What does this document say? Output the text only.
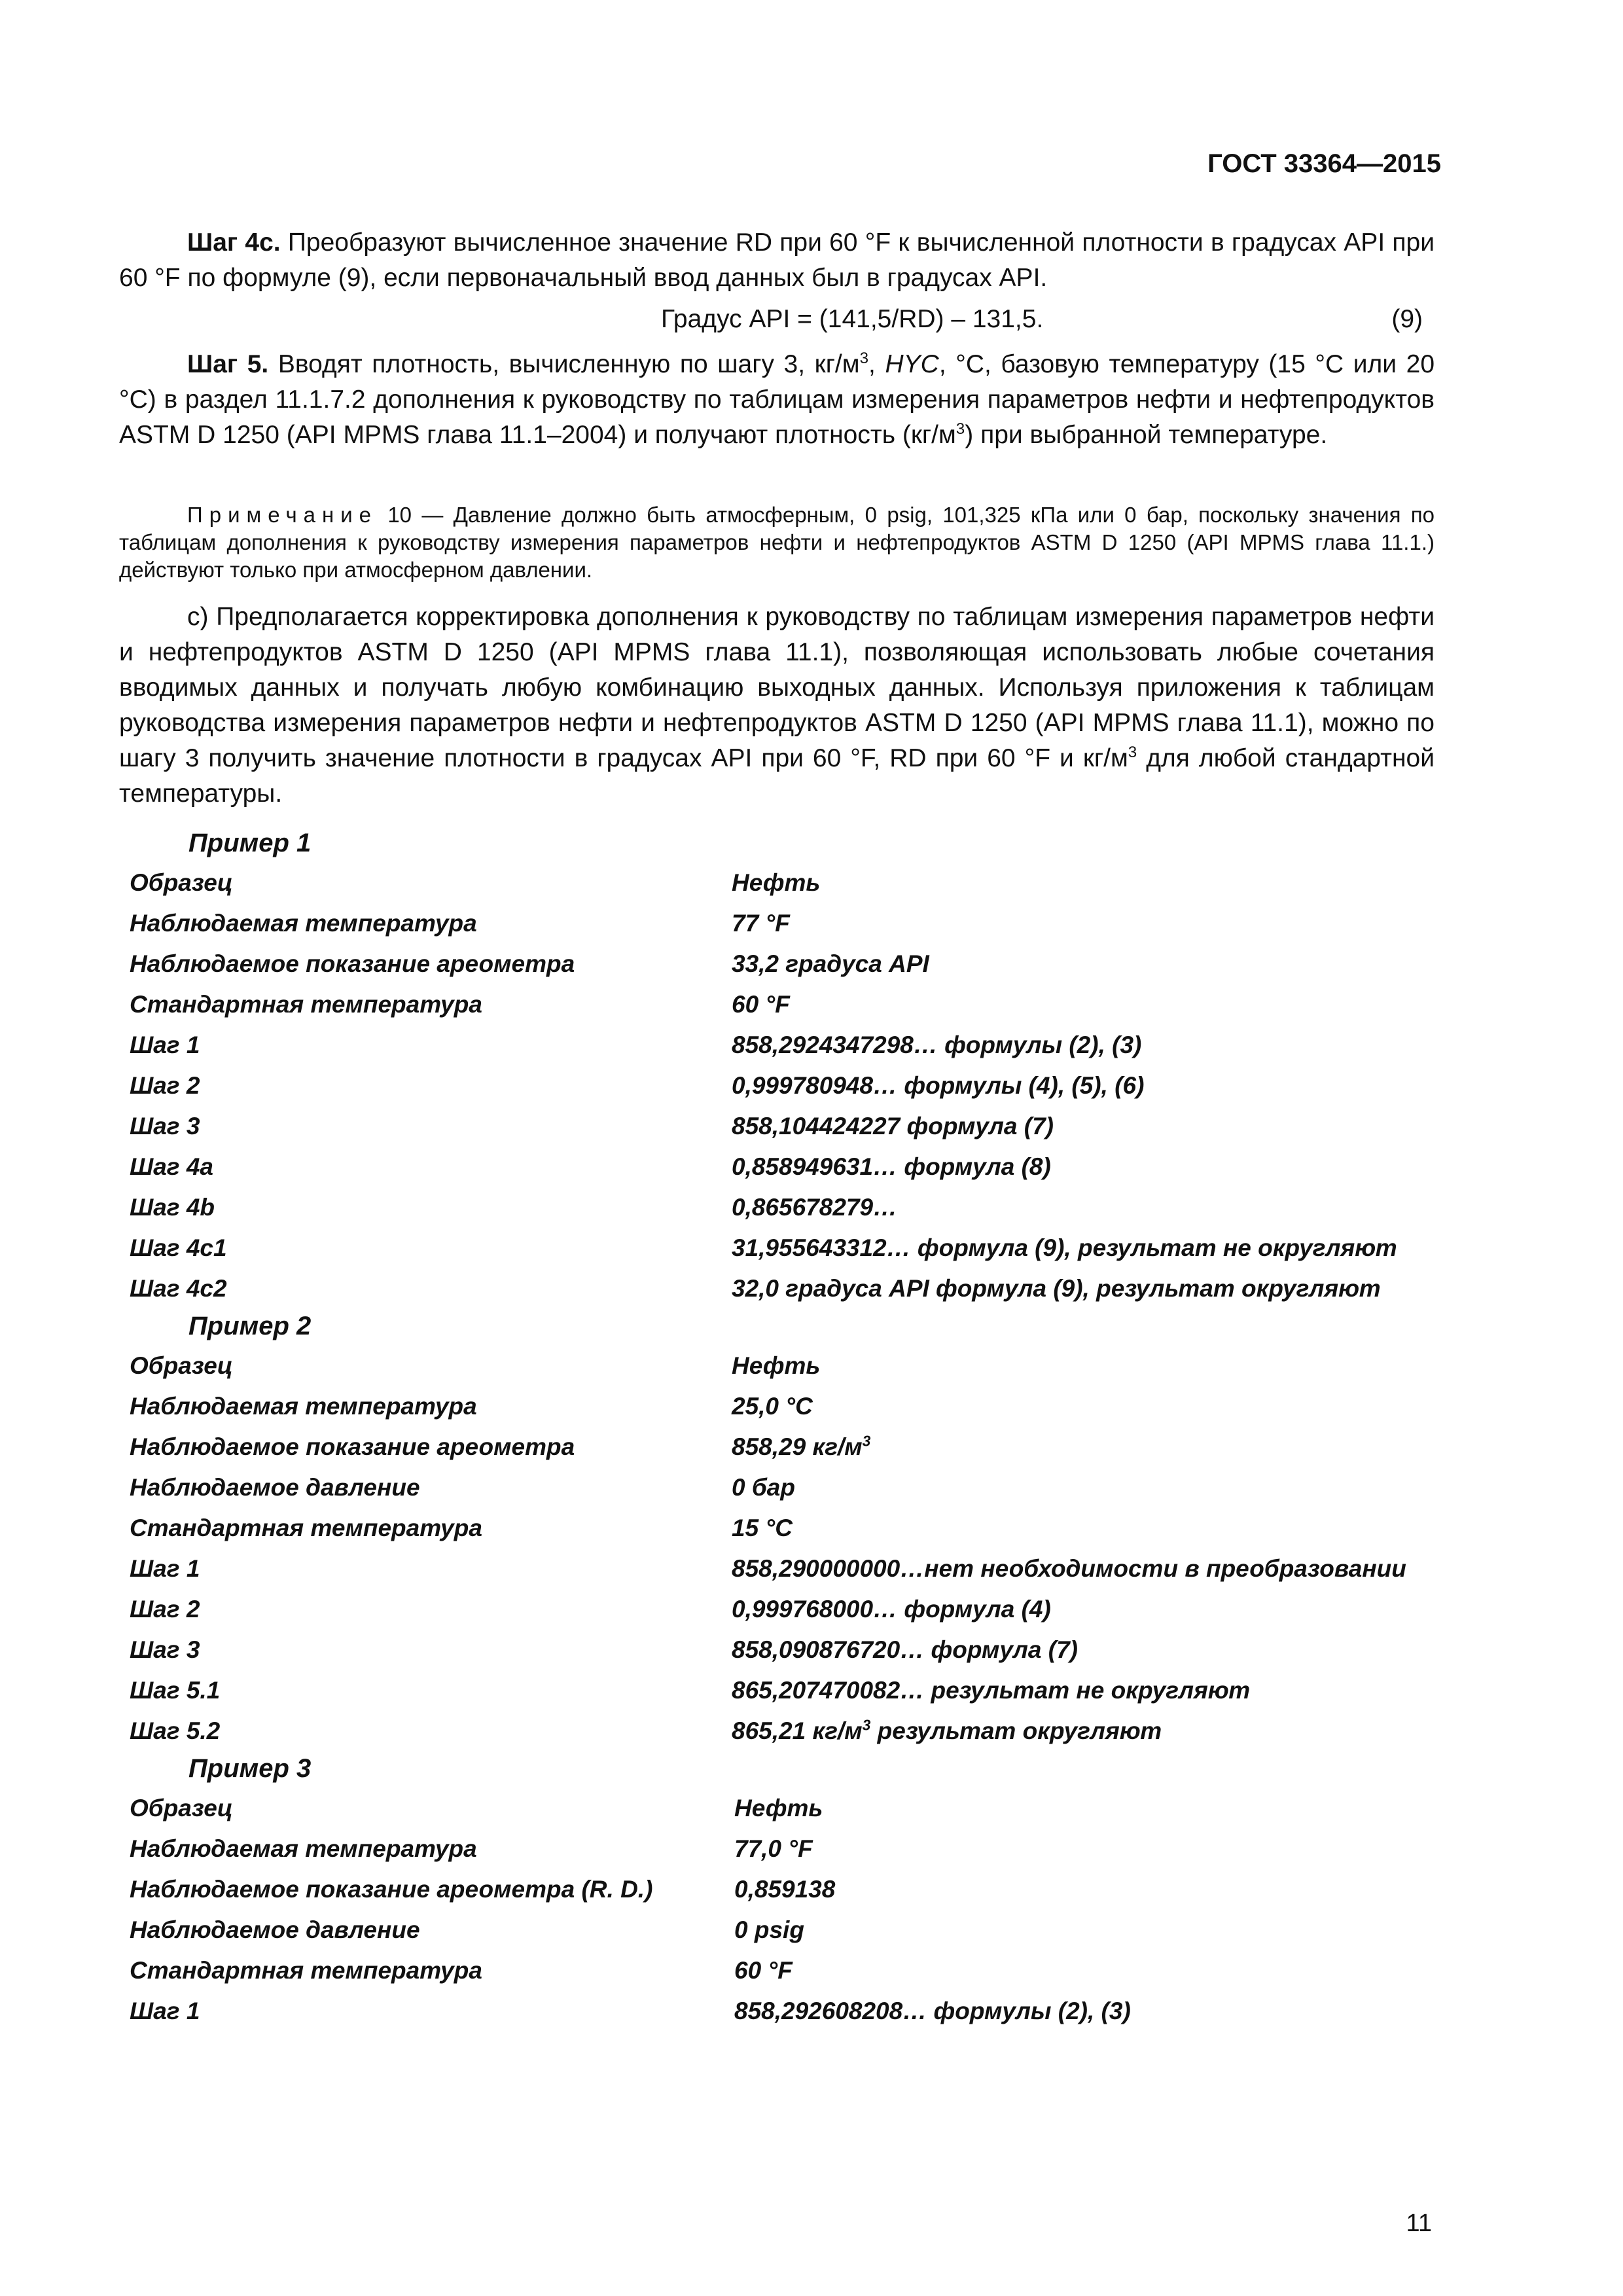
ГОСТ 33364—2015
Шаг 4с. Преобразуют вычисленное значение RD при 60 °F к вычисленной плотности в градусах API при 60 °F по формуле (9), если первоначальный ввод данных был в градусах API.
Градус API = (141,5/RD) – 131,5.	(9)
Шаг 5. Вводят плотность, вычисленную по шагу 3, $кг/м^3$, HYC, °С, базовую температуру (15 °С или 20 °С) в раздел 11.1.7.2 дополнения к руководству по таблицам измерения параметров нефти и нефтепродуктов ASTM D 1250 (API MPMS глава 11.1–2004) и получают плотность $(кг/м^3)$ при выбранной температуре.
Примечание 10 — Давление должно быть атмосферным, 0 psig, 101,325 кПа или 0 бар, поскольку значения по таблицам дополнения к руководству измерения параметров нефти и нефтепродуктов ASTM D 1250 (API MPMS глава 11.1.) действуют только при атмосферном давлении.
с) Предполагается корректировка дополнения к руководству по таблицам измерения параметров нефти и нефтепродуктов ASTM D 1250 (API MPMS глава 11.1), позволяющая использовать любые сочетания вводимых данных и получать любую комбинацию выходных данных. Используя приложения к таблицам руководства измерения параметров нефти и нефтепродуктов ASTM D 1250 (API MPMS глава 11.1), можно по шагу 3 получить значение плотности в градусах API при 60 °F, RD при 60 °F и $кг/м^3$ для любой стандартной температуры.
Пример 1
Образец	Нефть
Наблюдаемая температура	77 °F
Наблюдаемое показание ареометра	33,2 градуса API
Стандартная температура	60 °F
Шаг 1	858,2924347298… формулы (2), (3)
Шаг 2	0,999780948… формулы (4), (5), (6)
Шаг 3	858,104424227 формула (7)
Шаг 4а	0,858949631… формула (8)
Шаг 4b	0,865678279…
Шаг 4с1	31,955643312… формула (9), результат не округляют
Шаг 4с2	32,0 градуса API формула (9), результат округляют
Пример 2
Образец	Нефть
Наблюдаемая температура	25,0 °С
Наблюдаемое показание ареометра	858,29 $кг/м^3$
Наблюдаемое давление	0 бар
Стандартная температура	15 °С
Шаг 1	858,290000000…нет необходимости в преобразовании
Шаг 2	0,999768000… формула (4)
Шаг 3	858,090876720… формула (7)
Шаг 5.1	865,207470082… результат не округляют
Шаг 5.2	865,21 $кг/м^3$ результат округляют
Пример 3
Образец	Нефть
Наблюдаемая температура	77,0 °F
Наблюдаемое показание ареометра (R. D.)	0,859138
Наблюдаемое давление	0 psig
Стандартная температура	60 °F
Шаг 1	858,292608208… формулы (2), (3)
11
